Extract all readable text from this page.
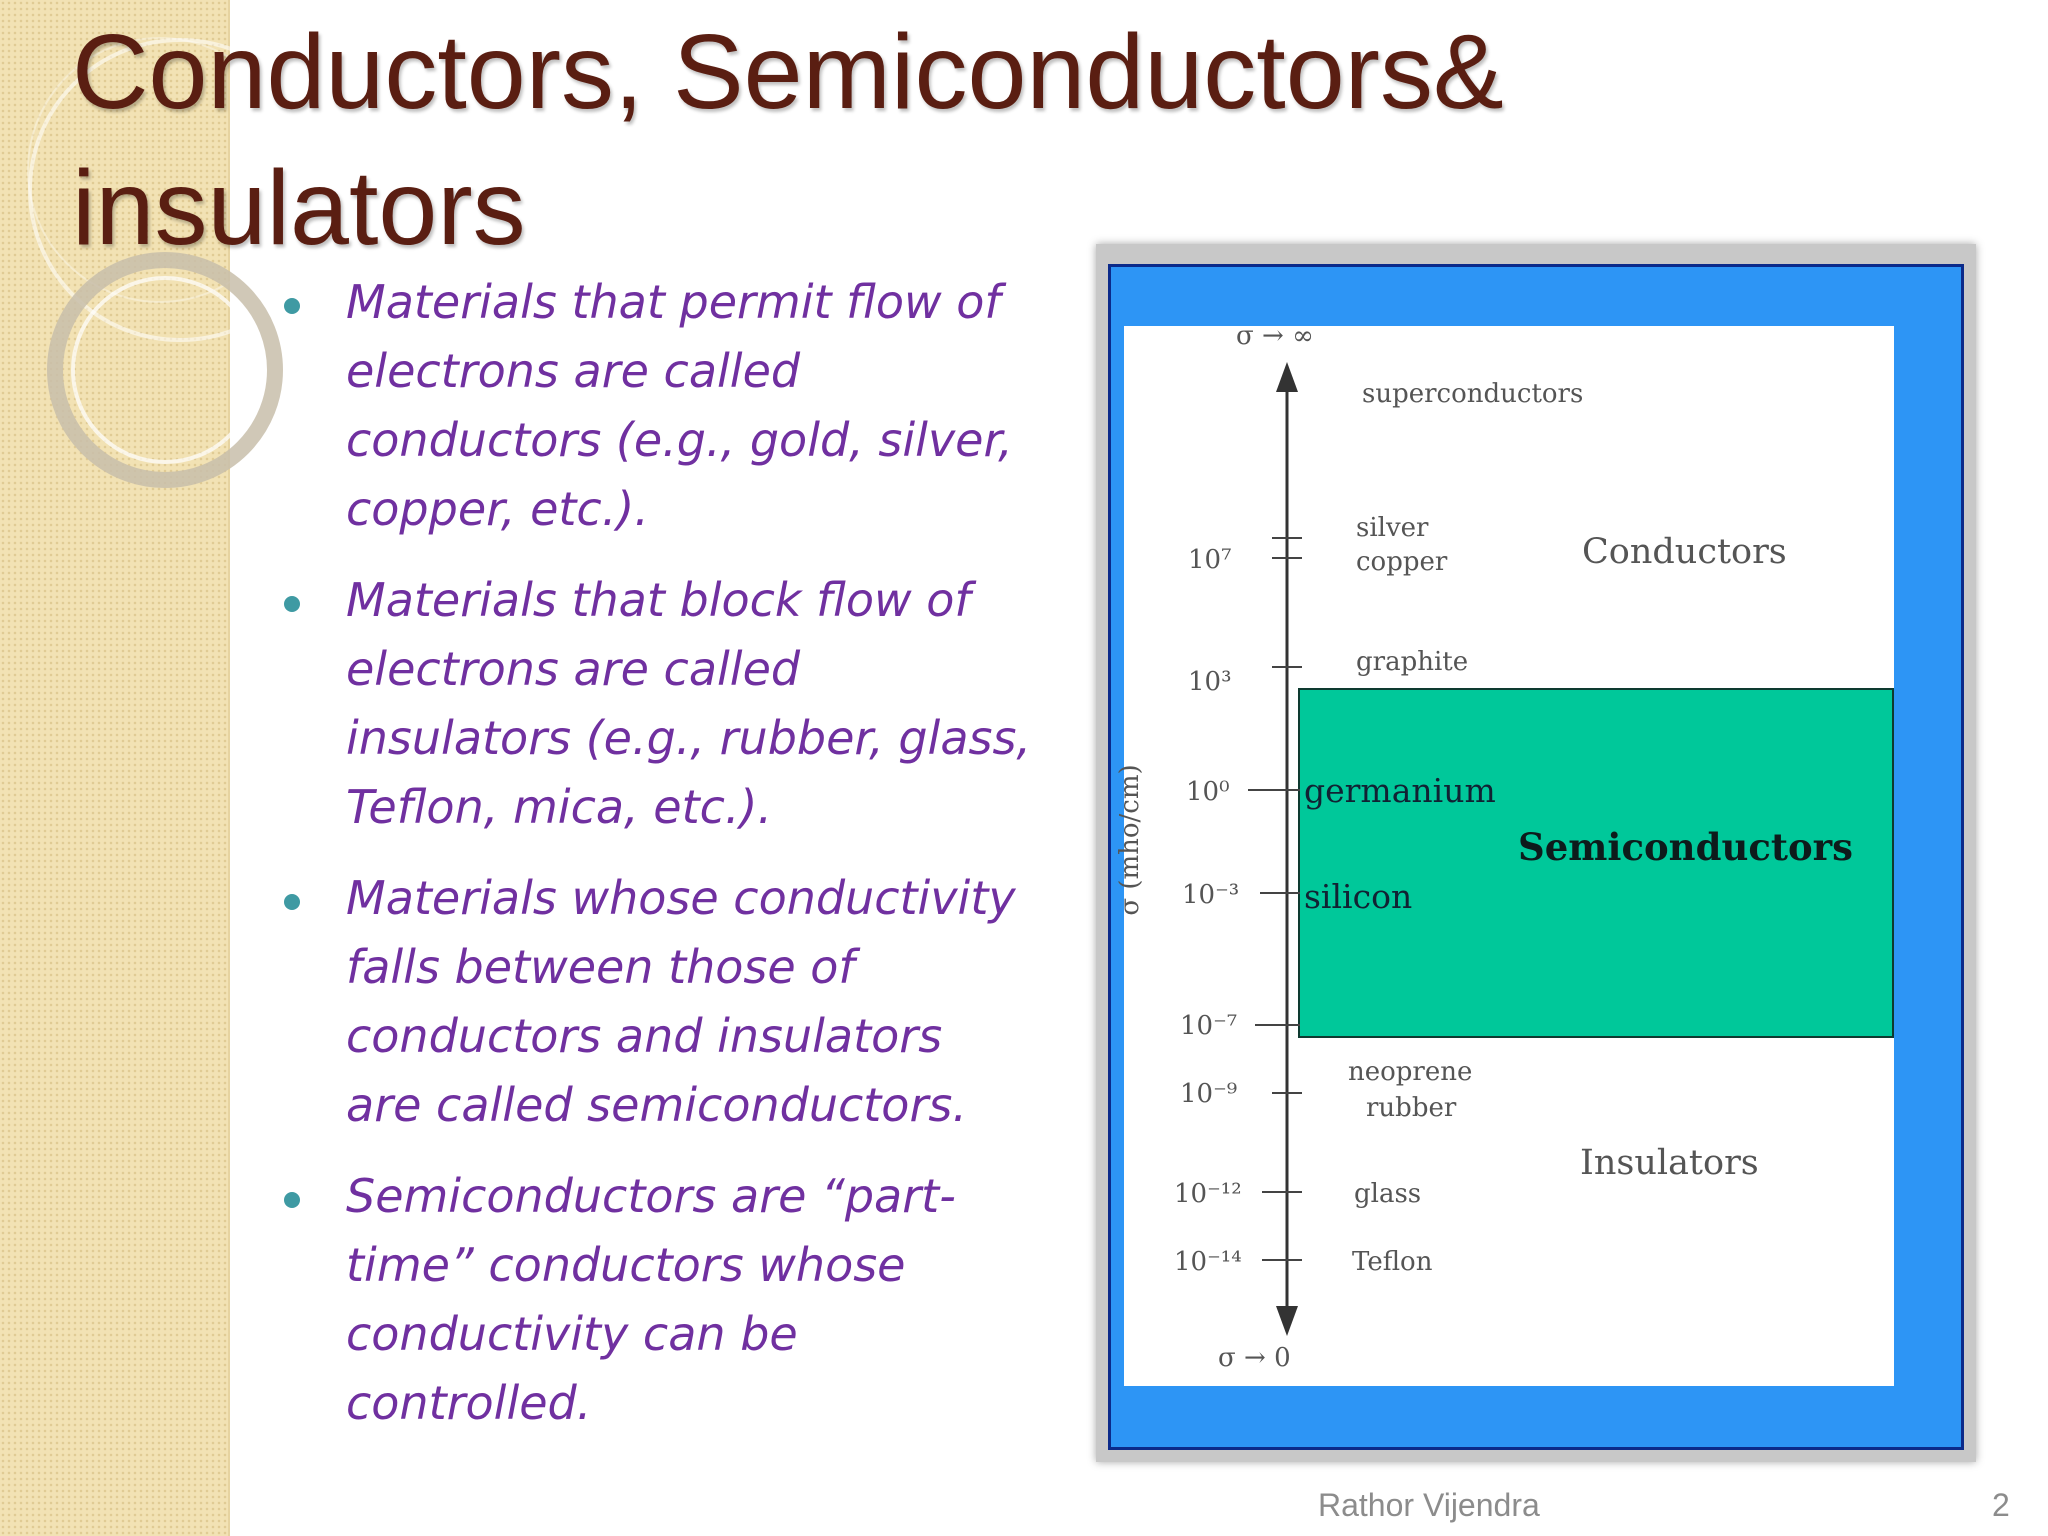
Conductors, Semiconductors&
insulators
Materials that permit flow of
electrons are called
conductors (e.g., gold, silver,
copper, etc.).
Materials that block flow of
electrons are called
insulators (e.g., rubber, glass,
Teflon, mica, etc.).
Materials whose conductivity
falls between those of
conductors and insulators
are called semiconductors.
Semiconductors are “part-
time” conductors whose
conductivity can be
controlled.
σ → ∞
σ → 0
σ (mho/cm)
10⁷
10³
10⁰
10⁻³
10⁻⁷
10⁻⁹
10⁻¹²
10⁻¹⁴
superconductors
silver
copper
graphite
germanium
silicon
neoprene
rubber
glass
Teflon
Conductors
Semiconductors
Insulators
Rathor Vijendra	2
